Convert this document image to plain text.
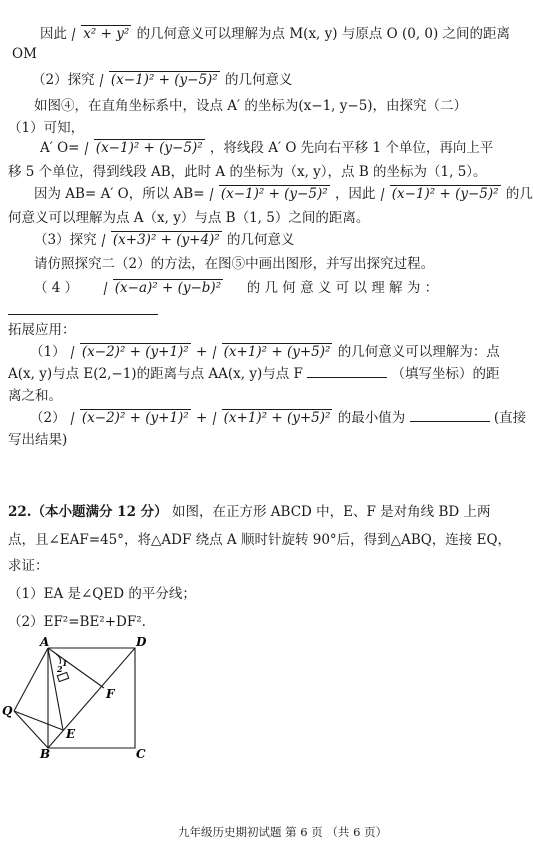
因此 x² + y² 的几何意义可以理解为点 M(x, y) 与原点 O (0, 0) 之间的距离
OM
（2）探究 (x−1)² + (y−5)² 的几何意义
如图④，在直角坐标系中，设点 A′ 的坐标为(x−1, y−5)，由探究（二）
（1）可知，
A′ O= (x−1)² + (y−5)² ，将线段 A′ O 先向右平移 1 个单位，再向上平
移 5 个单位，得到线段 AB，此时 A 的坐标为（x, y），点 B 的坐标为（1, 5）。
因为 AB= A′ O，所以 AB= (x−1)² + (y−5)² ，因此 (x−1)² + (y−5)² 的几
何意义可以理解为点 A（x, y）与点 B（1, 5）之间的距离。
（3）探究 (x+3)² + (y+4)² 的几何意义
请仿照探究二（2）的方法，在图⑤中画出图形，并写出探究过程。
（ 4 ）	(x−a)² + (y−b)² 的 几 何 意 义 可 以 理 解 为 ：
拓展应用：
（1） (x−2)² + (y+1)² + (x+1)² + (y+5)² 的几何意义可以理解为：点
A(x, y)与点 E(2,−1)的距离与点 AA(x, y)与点 F	（填写坐标）的距
离之和。
（2） (x−2)² + (y+1)² + (x+1)² + (y+5)² 的最小值为	(直接
写出结果)
22.（本小题满分 12 分） 如图，在正方形 ABCD 中，E、F 是对角线 BD 上两
点，且∠EAF=45°，将△ADF 绕点 A 顺时针旋转 90°后，得到△ABQ，连接 EQ，
求证：
（1）EA 是∠QED 的平分线；
（2）EF²=BE²+DF².
A	D
Q
F
E
B	C
1
2
九年级历史期初试题 第 6 页 （共 6 页）
